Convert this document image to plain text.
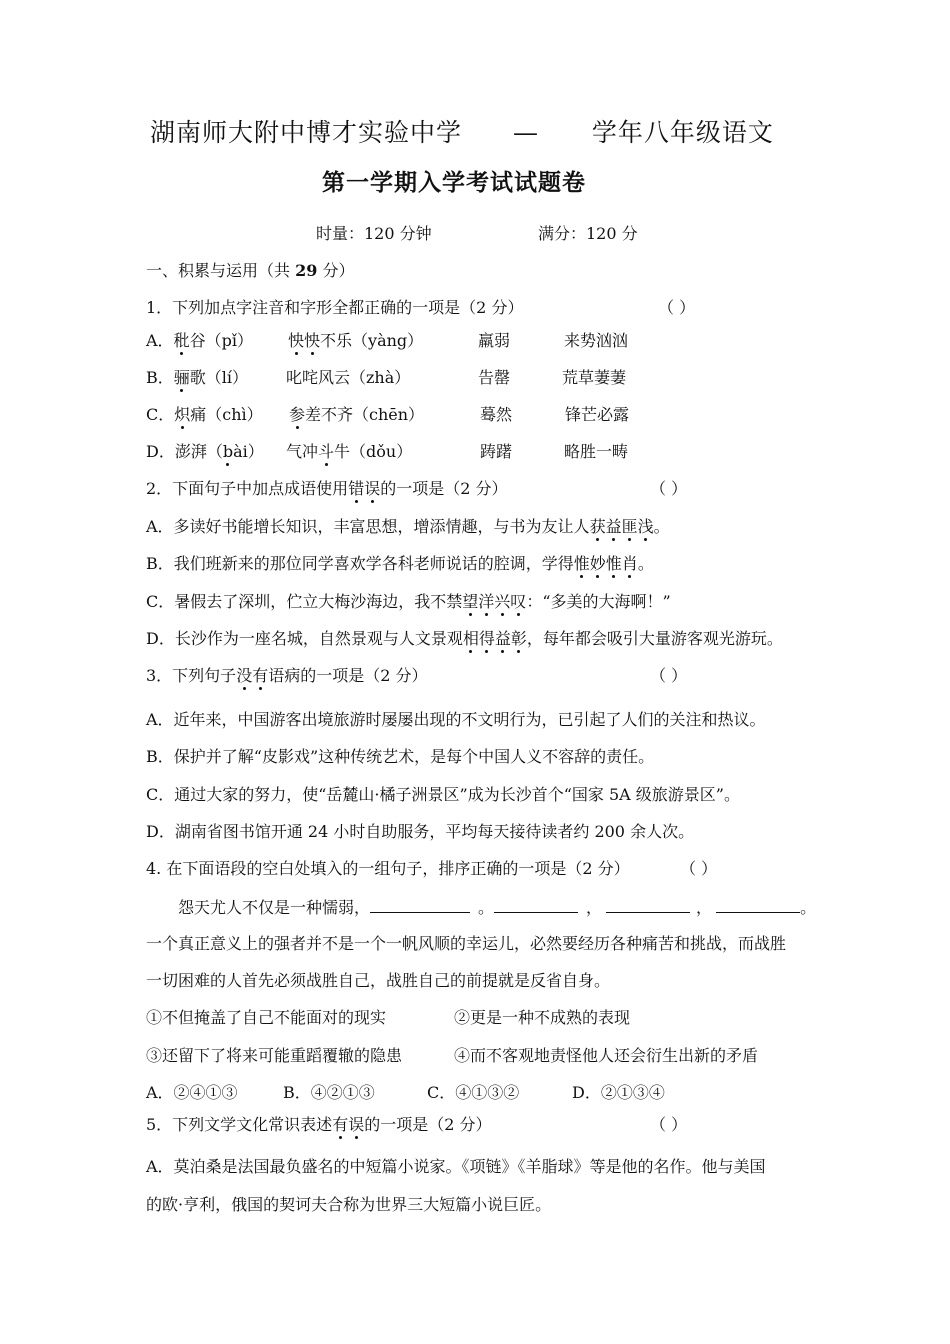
湖南师大附中博才实验中学 — 学年八年级语文
第一学期入学考试试题卷
时量：120 分钟	满分：120 分
一、积累与运用（共 29 分）
1．下列加点字注音和字形全都正确的一项是（2 分）	（ ）
A．秕谷（pǐ） 怏怏不乐（yàng）	羸弱	来势汹汹
B．骊歌（lí） 叱咤 风云（zhà）	告罄	荒草萋萋
C．炽痛（chì） 参差不齐（chēn）	蓦然	锋芒必露
D．澎湃（bài） 气冲斗牛（dǒu）	踌躇	略胜一畴
2．下面句子中加点成语使用错误的一项是（2 分）	（ ）
A．多读好书能增长知识，丰富思想，增添情趣，与书为友让人获益匪浅。
B．我们班新来的那位同学喜欢学各科老师说话的腔调，学得惟妙惟肖。
C．暑假去了深圳，伫立大梅沙海边，我不禁望洋兴叹：“多美的大海啊！”
D．长沙作为一座名城，自然景观与人文景观相得益彰，每年都会吸引大量游客观光游玩。
3．下列句子没有语病的一项是（2 分）	（ ）
A．近年来，中国游客出境旅游时屡屡出现的不文明行为，已引起了人们的关注和热议。
B．保护并了解“皮影戏”这种传统艺术，是每个中国人义不容辞的责任。
C．通过大家的努力，使“岳麓山·橘子洲景区”成为长沙首个“国家 5A 级旅游景区”。
D．湖南省图书馆开通 24 小时自助服务，平均每天接待读者约 200 余人次。
4. 在下面语段的空白处填入的一组句子，排序正确的一项是（2 分）	（ ）
怨天尤人不仅是一种懦弱，	。	，	，	。
一个真正意义上的强者并不是一个一帆风顺的幸运儿，必然要经历各种痛苦和挑战，而战胜
一切困难的人首先必须战胜自己，战胜自己的前提就是反省自身。
①不但掩盖了自己不能面对的现实	②更是一种不成熟的表现
③还留下了将来可能重蹈覆辙的隐患	④而不客观地责怪他人还会衍生出新的矛盾
A．②④①③	B．④②①③	C．④①③②	D．②①③④
5．下列文学文化常识表述有误的一项是（2 分）	（ ）
A．莫泊桑是法国最负盛名的中短篇小说家。《项链》《羊脂球》等是他的名作。他与美国
的欧·亨利，俄国的契诃夫合称为世界三大短篇小说巨匠。
